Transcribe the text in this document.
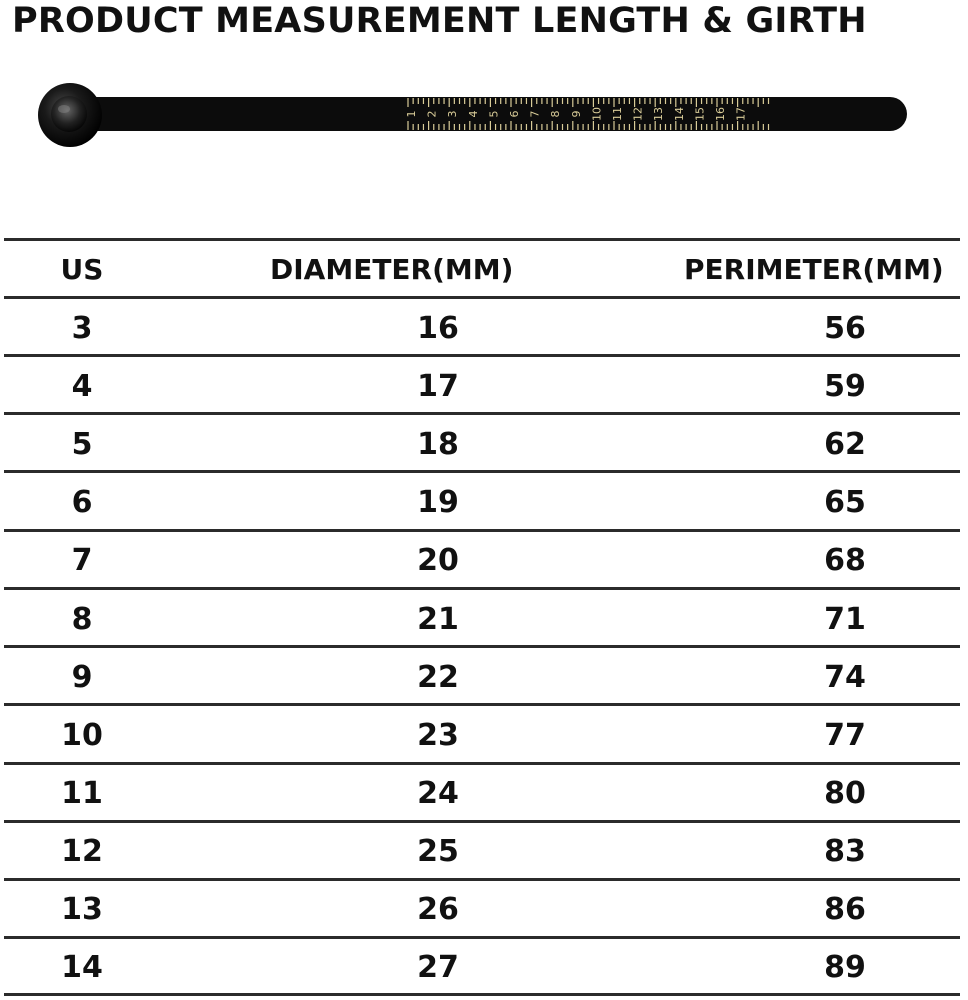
PRODUCT MEASUREMENT LENGTH & GIRTH
1 2 3 4 5 6 7 8 9 10 11 12 13 14 15 16 17
US	DIAMETER(MM)	PERIMETER(MM)
3	16	56
4	17	59
5	18	62
6	19	65
7	20	68
8	21	71
9	22	74
10	23	77
11	24	80
12	25	83
13	26	86
14	27	89
